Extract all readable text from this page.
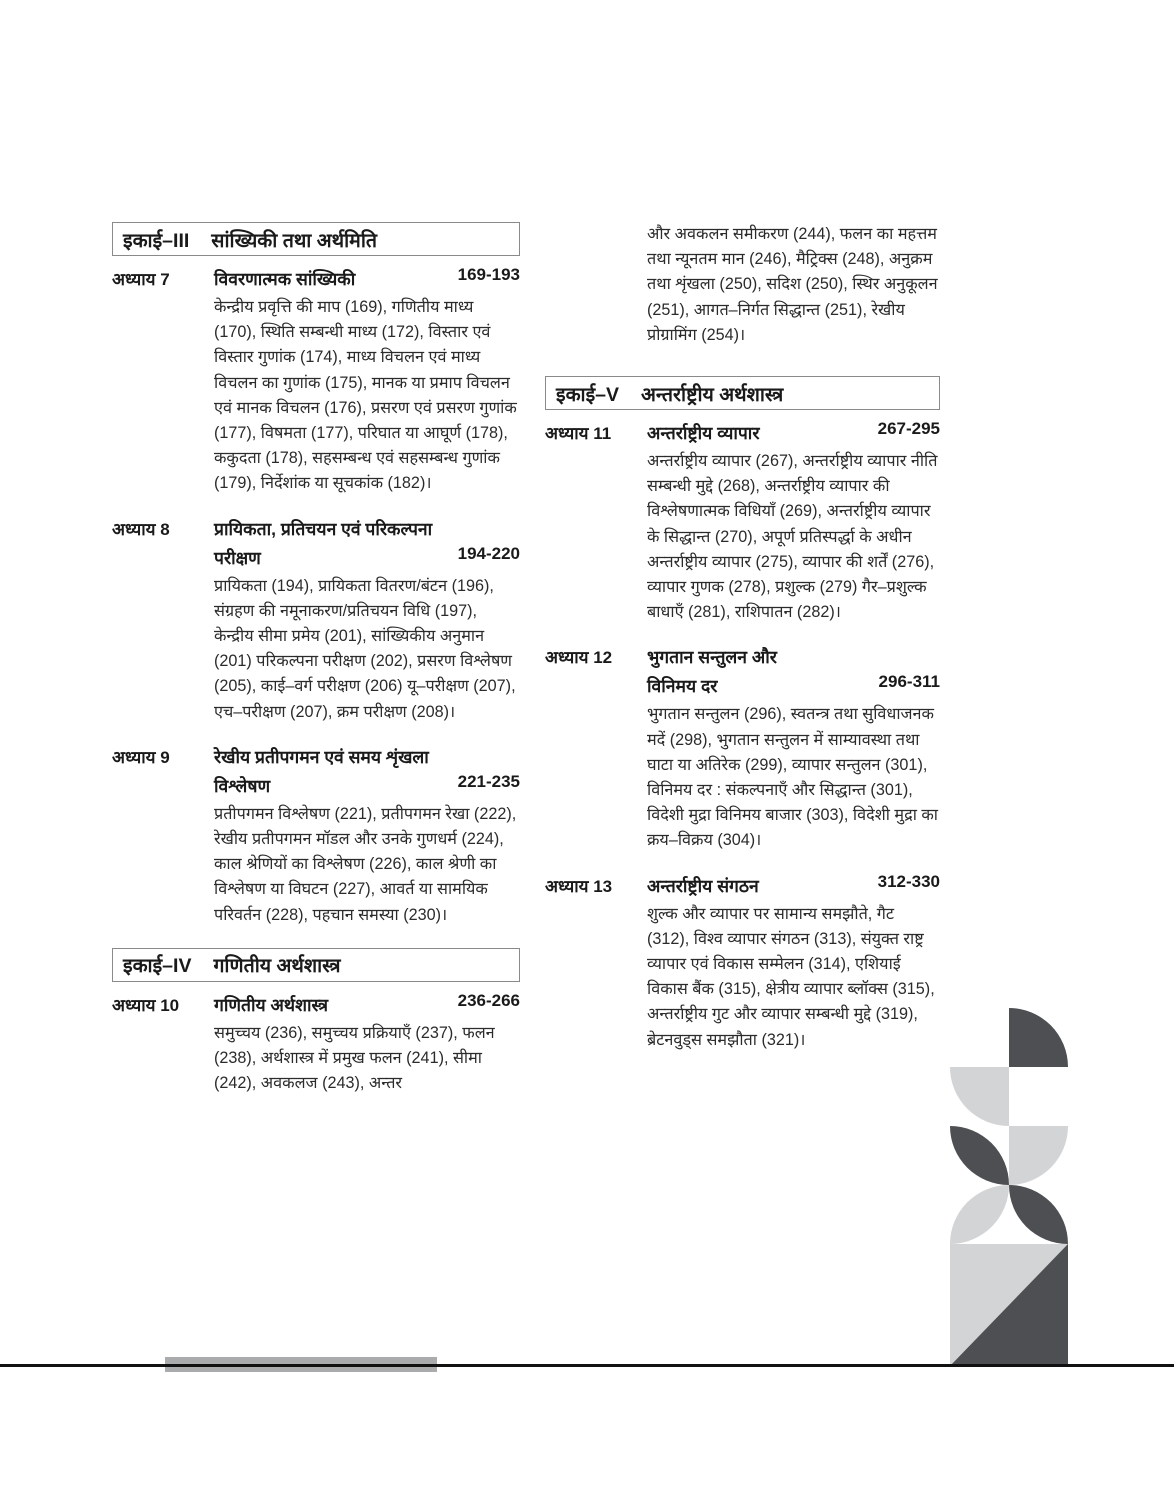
इकाई–III सांख्यिकी तथा अर्थमिति
अध्याय 7	विवरणात्मक सांख्यिकी	169-193
केन्द्रीय प्रवृत्ति की माप (169), गणितीय माध्य (170), स्थिति सम्बन्धी माध्य (172), विस्तार एवं विस्तार गुणांक (174), माध्य विचलन एवं माध्य विचलन का गुणांक (175), मानक या प्रमाप विचलन एवं मानक विचलन (176), प्रसरण एवं प्रसरण गुणांक (177), विषमता (177), परिघात या आघूर्ण (178), ककुदता (178), सहसम्बन्ध एवं सहसम्बन्ध गुणांक (179), निर्देशांक या सूचकांक (182)।
अध्याय 8	प्रायिकता, प्रतिचयन एवं परिकल्पना
परीक्षण	194-220
प्रायिकता (194), प्रायिकता वितरण/बंटन (196), संग्रहण की नमूनाकरण/प्रतिचयन विधि (197), केन्द्रीय सीमा प्रमेय (201), सांख्यिकीय अनुमान (201) परिकल्पना परीक्षण (202), प्रसरण विश्लेषण (205), काई–वर्ग परीक्षण (206) यू–परीक्षण (207), एच–परीक्षण (207), क्रम परीक्षण (208)।
अध्याय 9	रेखीय प्रतीपगमन एवं समय शृंखला
विश्लेषण	221-235
प्रतीपगमन विश्लेषण (221), प्रतीपगमन रेखा (222), रेखीय प्रतीपगमन मॉडल और उनके गुणधर्म (224), काल श्रेणियों का विश्लेषण (226), काल श्रेणी का विश्लेषण या विघटन (227), आवर्त या सामयिक परिवर्तन (228), पहचान समस्या (230)।
इकाई–IV गणितीय अर्थशास्त्र
अध्याय 10	गणितीय अर्थशास्त्र	236-266
समुच्चय (236), समुच्चय प्रक्रियाएँ (237), फलन (238), अर्थशास्त्र में प्रमुख फलन (241), सीमा (242), अवकलज (243), अन्तर
और अवकलन समीकरण (244), फलन का महत्तम तथा न्यूनतम मान (246), मैट्रिक्स (248), अनुक्रम तथा शृंखला (250), सदिश (250), स्थिर अनुकूलन (251), आगत–निर्गत सिद्धान्त (251), रेखीय प्रोग्रामिंग (254)।
इकाई–V अन्तर्राष्ट्रीय अर्थशास्त्र
अध्याय 11	अन्तर्राष्ट्रीय व्यापार	267-295
अन्तर्राष्ट्रीय व्यापार (267), अन्तर्राष्ट्रीय व्यापार नीति सम्बन्धी मुद्दे (268), अन्तर्राष्ट्रीय व्यापार की विश्लेषणात्मक विधियाँ (269), अन्तर्राष्ट्रीय व्यापार के सिद्धान्त (270), अपूर्ण प्रतिस्पर्द्धा के अधीन अन्तर्राष्ट्रीय व्यापार (275), व्यापार की शर्तें (276), व्यापार गुणक (278), प्रशुल्क (279) गैर–प्रशुल्क बाधाएँ (281), राशिपातन (282)।
अध्याय 12	भुगतान सन्तुलन और
विनिमय दर	296-311
भुगतान सन्तुलन (296), स्वतन्त्र तथा सुविधाजनक मदें (298), भुगतान सन्तुलन में साम्यावस्था तथा घाटा या अतिरेक (299), व्यापार सन्तुलन (301), विनिमय दर : संकल्पनाएँ और सिद्धान्त (301), विदेशी मुद्रा विनिमय बाजार (303), विदेशी मुद्रा का क्रय–विक्रय (304)।
अध्याय 13	अन्तर्राष्ट्रीय संगठन	312-330
शुल्क और व्यापार पर सामान्य समझौते, गैट (312), विश्व व्यापार संगठन (313), संयुक्त राष्ट्र व्यापार एवं विकास सम्मेलन (314), एशियाई विकास बैंक (315), क्षेत्रीय व्यापार ब्लॉक्स (315), अन्तर्राष्ट्रीय गुट और व्यापार सम्बन्धी मुद्दे (319), ब्रेटनवुड्स समझौता (321)।
